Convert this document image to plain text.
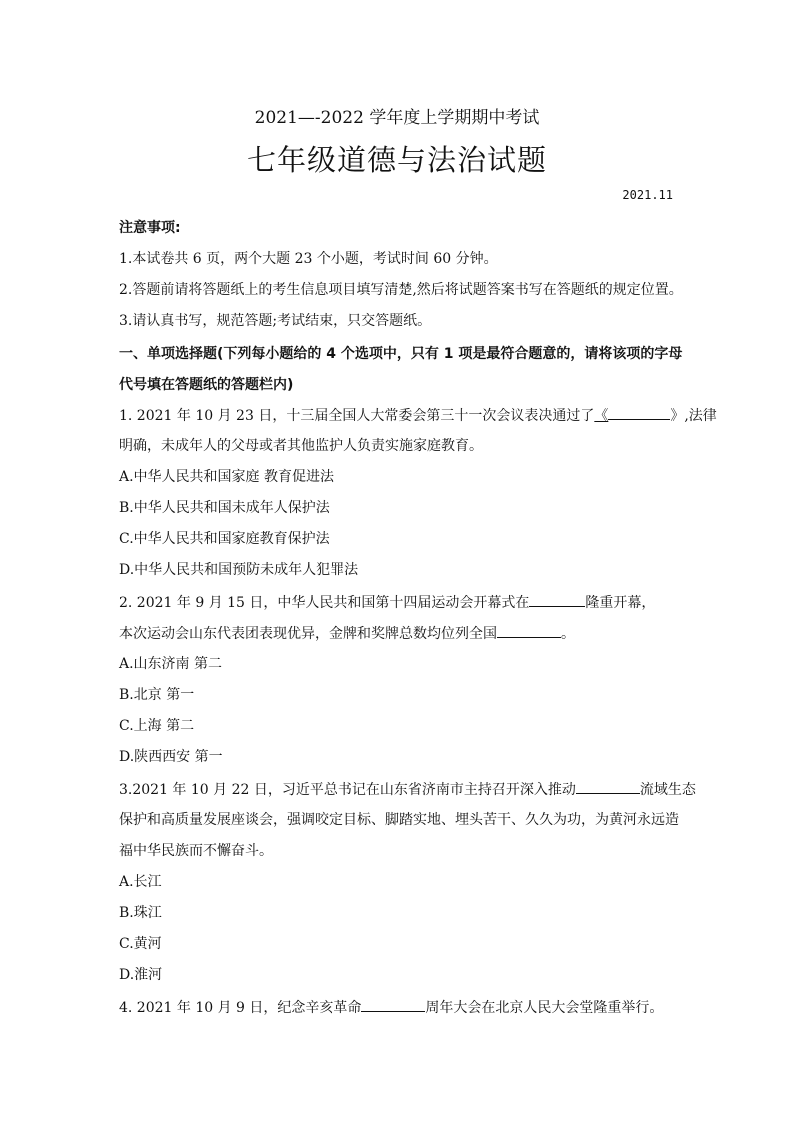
2021—-2022 学年度上学期期中考试
七年级道德与法治试题
2021.11
注意事项:
1.本试卷共 6 页，两个大题 23 个小题，考试时间 60 分钟。
2.答题前请将答题纸上的考生信息项目填写清楚,然后将试题答案书写在答题纸的规定位置。
3.请认真书写，规范答题;考试结束，只交答题纸。
一、单项选择题(下列每小题给的 4 个选项中，只有 1 项是最符合题意的，请将该项的字母
代号填在答题纸的答题栏内)
1. 2021 年 10 月 23 日，十三届全国人大常委会第三十一次会议表决通过了《	》,法律
明确，未成年人的父母或者其他监护人负责实施家庭教育。
A.中华人民共和国家庭 教育促进法
B.中华人民共和国未成年人保护法
C.中华人民共和国家庭教育保护法
D.中华人民共和国预防未成年人犯罪法
2. 2021 年 9 月 15 日，中华人民共和国第十四届运动会开幕式在	隆重开幕，
本次运动会山东代表团表现优异，金牌和奖牌总数均位列全国	。
A.山东济南 第二
B.北京 第一
C.上海 第二
D.陕西西安 第一
3.2021 年 10 月 22 日，习近平总书记在山东省济南市主持召开深入推动	流域生态
保护和高质量发展座谈会，强调咬定目标、脚踏实地、埋头苦干、久久为功，为黄河永远造
福中华民族而不懈奋斗。
A.长江
B.珠江
C.黄河
D.淮河
4. 2021 年 10 月 9 日，纪念辛亥革命	周年大会在北京人民大会堂隆重举行。
